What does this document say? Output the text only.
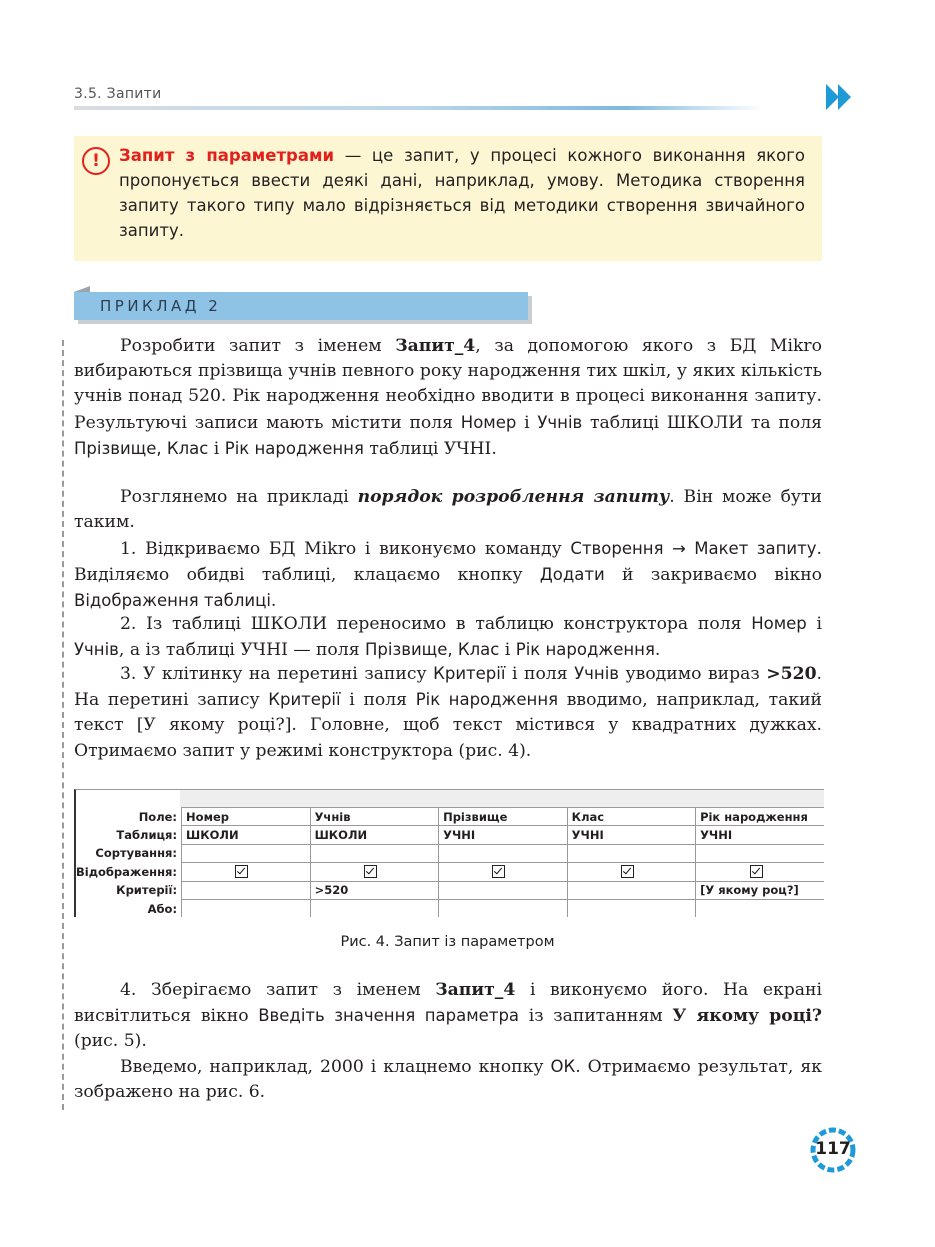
3.5. Запити
!	Запит з параметрами — це запит, у процесі кожного виконання якого пропонується ввести деякі дані, наприклад, умову. Методика створення запиту такого типу мало відрізняється від методики створення звичайного запиту.

ПРИКЛАД 2

Розробити запит з іменем Запит_4, за допомогою якого з БД Mikro вибираються прізвища учнів певного року народження тих шкіл, у яких кількість учнів понад 520. Рік народження необхідно вводити в процесі виконання запиту. Результуючі записи мають містити поля Номер і Учнів таблиці ШКОЛИ та поля Прізвище, Клас і Рік народження таблиці УЧНІ.

Розглянемо на прикладі порядок розроблення запиту. Він може бути таким.

1. Відкриваємо БД Mikro і виконуємо команду Створення → Макет запиту. Виділяємо обидві таблиці, клацаємо кнопку Додати й закриваємо вікно Відображення таблиці.

2. Із таблиці ШКОЛИ переносимо в таблицю конструктора поля Номер і Учнів, а із таблиці УЧНІ — поля Прізвище, Клас і Рік народження.

3. У клітинку на перетині запису Критерії і поля Учнів уводимо вираз >520. На перетині запису Критерії і поля Рік народження вводимо, наприклад, такий текст [У якому році?]. Головне, щоб текст містився у квадратних дужках. Отримаємо запит у режимі конструктора (рис. 4).

Поле:	Номер	Учнів	Прізвище	Клас	Рік народження
Таблиця:	ШКОЛИ	ШКОЛИ	УЧНІ	УЧНІ	УЧНІ
Сортування:					
Відображення:	

Критерії:		>520			[У якому роц?]
Або:					
Рис. 4. Запит із параметром

4. Зберігаємо запит з іменем Запит_4 і виконуємо його. На екрані висвітлиться вікно Введіть значення параметра із запитанням У якому році? (рис. 5).

Введемо, наприклад, 2000 і клацнемо кнопку ОК. Отримаємо результат, як зображено на рис. 6.

117
